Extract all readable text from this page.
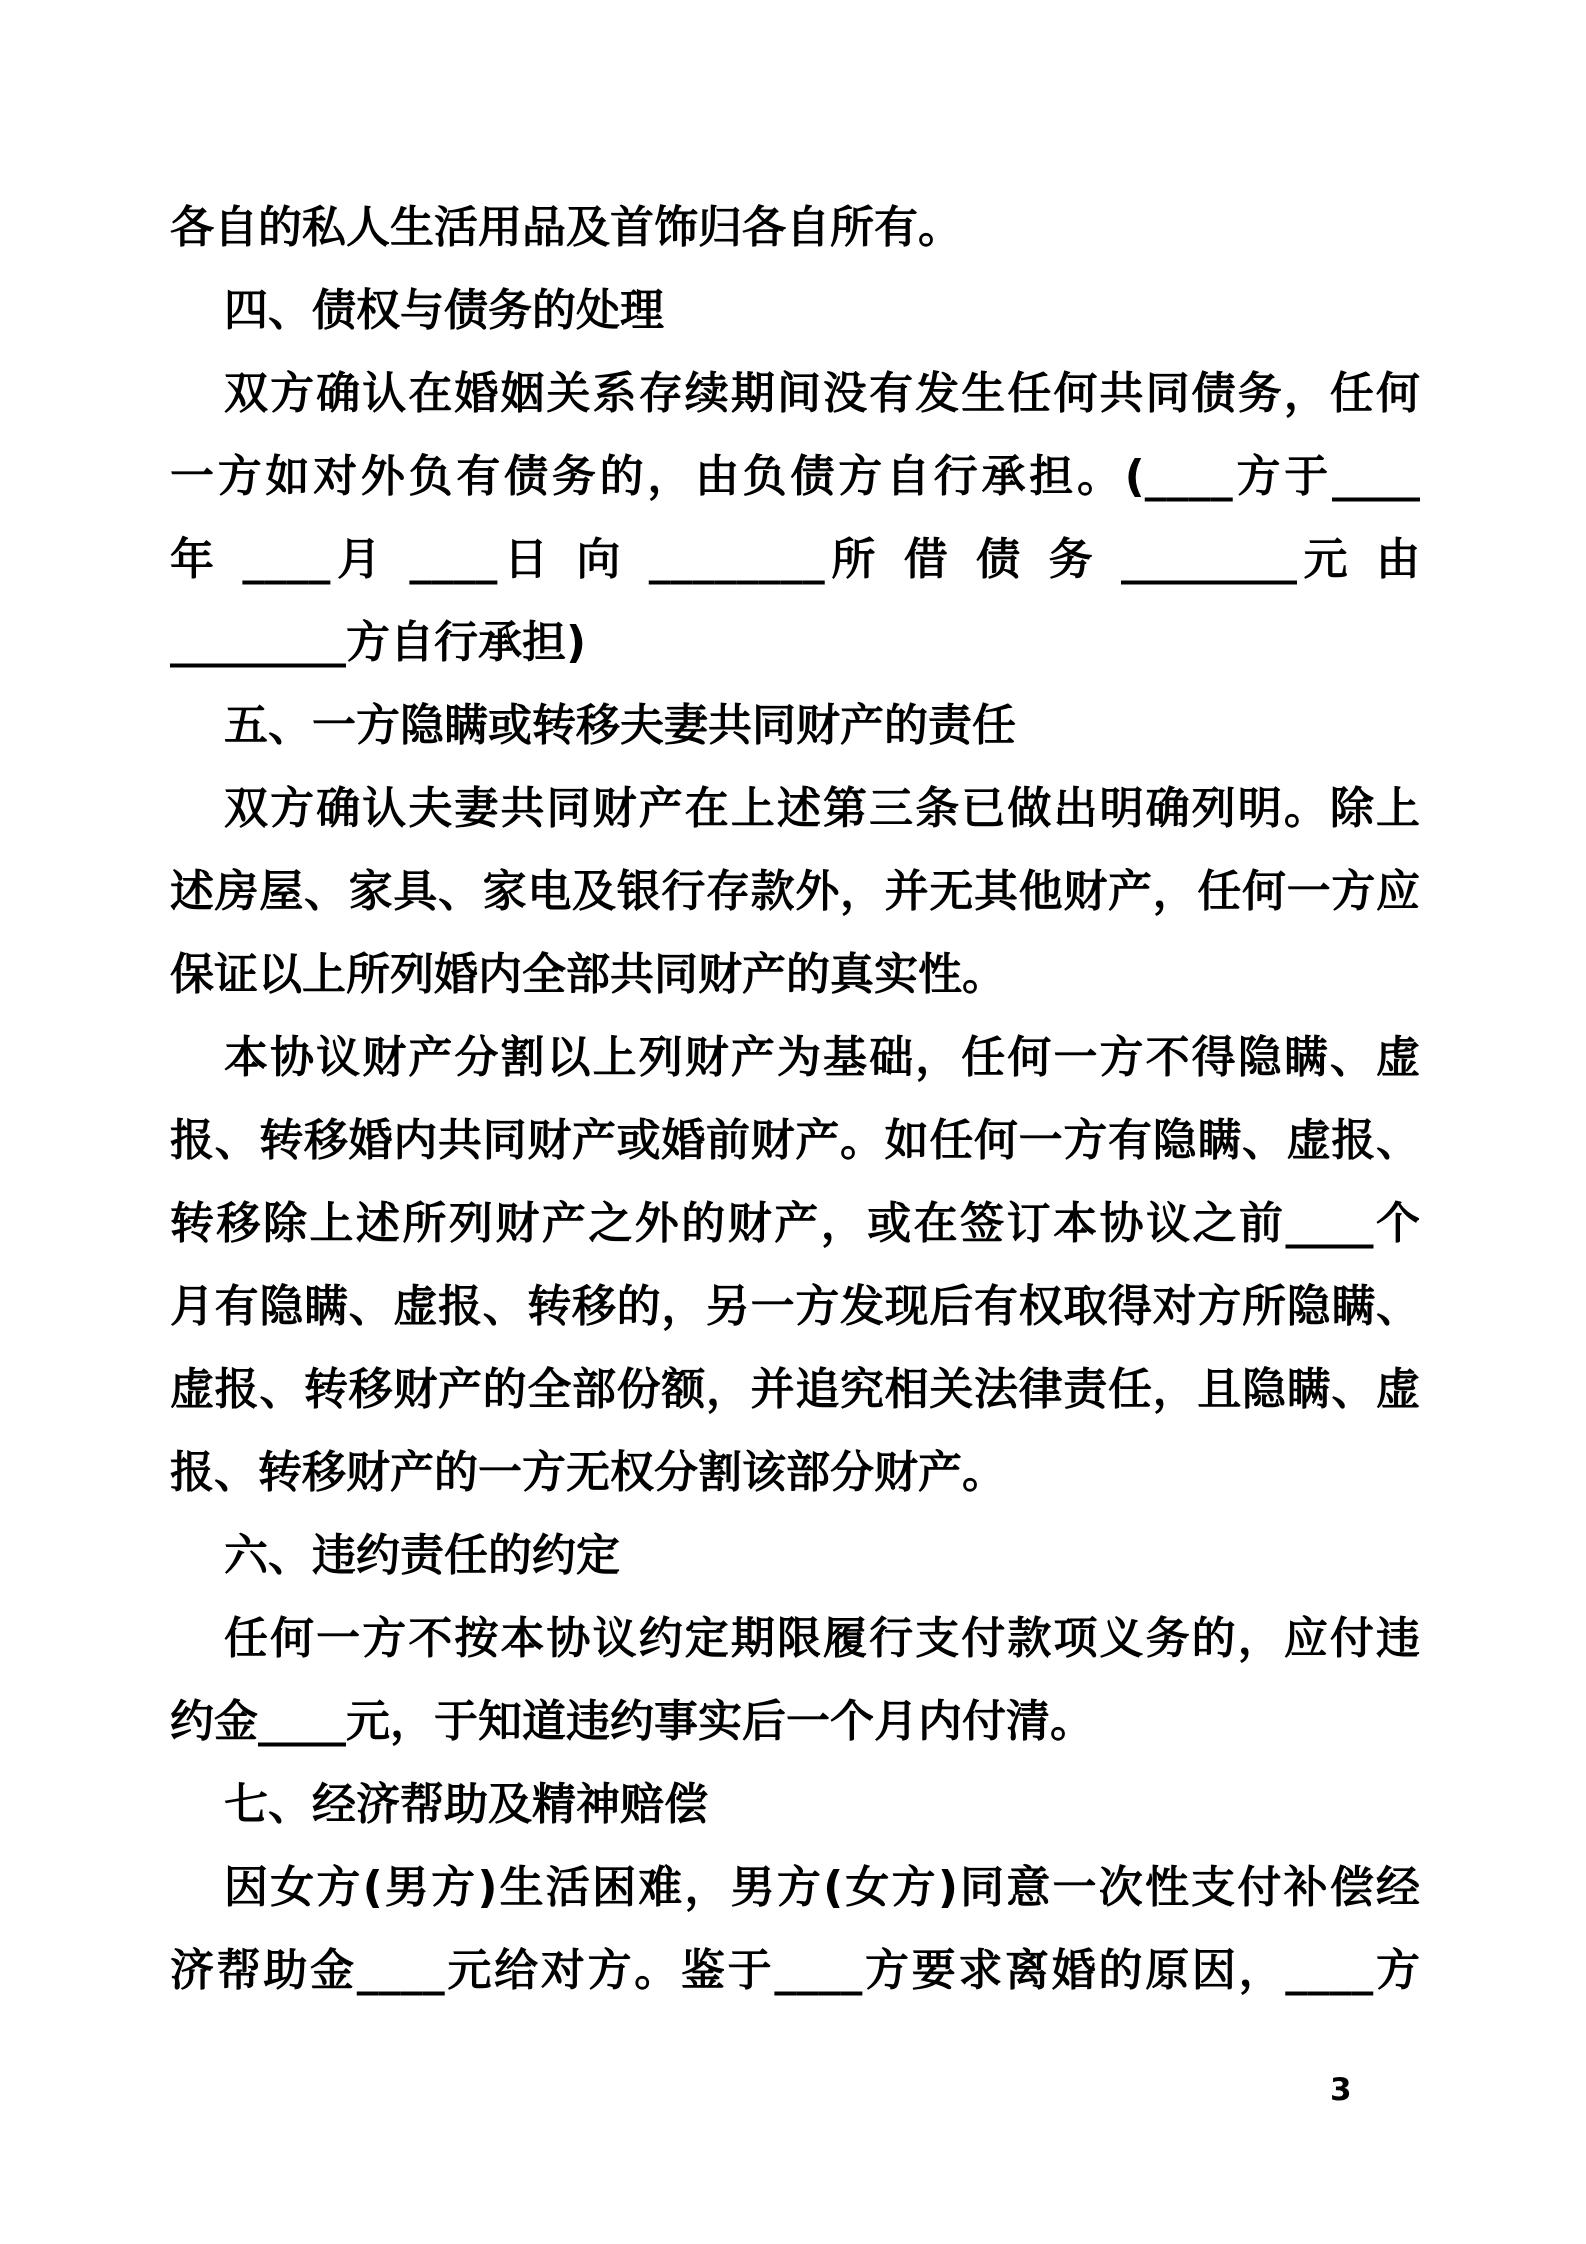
各自的私人生活用品及首饰归各自所有。
四、债权与债务的处理
双方确认在婚姻关系存续期间没有发生任何共同债务，任何
一方如对外负有债务的，由负债方自行承担。(____方于____
年 ____月 ____日 向 ________所 借 债 务 ________元 由
________方自行承担)
五、一方隐瞒或转移夫妻共同财产的责任
双方确认夫妻共同财产在上述第三条已做出明确列明。除上
述房屋、家具、家电及银行存款外，并无其他财产，任何一方应
保证以上所列婚内全部共同财产的真实性。
本协议财产分割以上列财产为基础，任何一方不得隐瞒、虚
报、转移婚内共同财产或婚前财产。如任何一方有隐瞒、虚报、
转移除上述所列财产之外的财产，或在签订本协议之前____个
月有隐瞒、虚报、转移的，另一方发现后有权取得对方所隐瞒、
虚报、转移财产的全部份额，并追究相关法律责任，且隐瞒、虚
报、转移财产的一方无权分割该部分财产。
六、违约责任的约定
任何一方不按本协议约定期限履行支付款项义务的，应付违
约金____元，于知道违约事实后一个月内付清。
七、经济帮助及精神赔偿
因女方(男方)生活困难，男方(女方)同意一次性支付补偿经
济帮助金____元给对方。鉴于____方要求离婚的原因，____方
3
